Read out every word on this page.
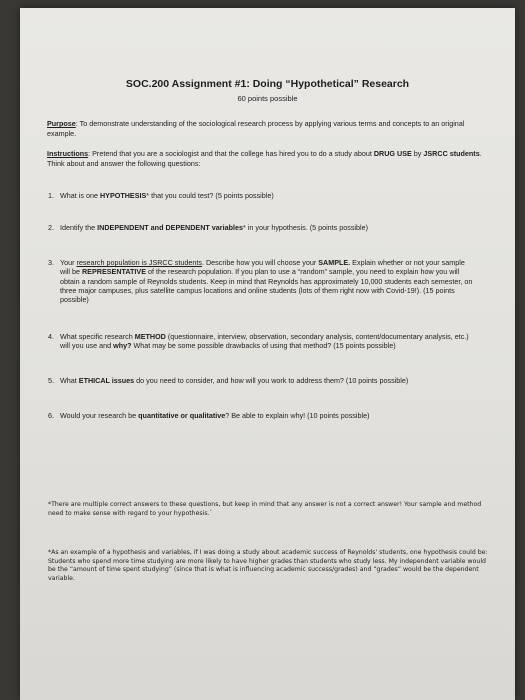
SOC.200 Assignment #1: Doing “Hypothetical” Research
60 points possible
Purpose: To demonstrate understanding of the sociological research process by applying various terms and concepts to an original example.
Instructions: Pretend that you are a sociologist and that the college has hired you to do a study about DRUG USE by JSRCC students. Think about and answer the following questions:
1. What is one HYPOTHESIS* that you could test? (5 points possible)
2. Identify the INDEPENDENT and DEPENDENT variables* in your hypothesis. (5 points possible)
3. Your research population is JSRCC students. Describe how you will choose your SAMPLE. Explain whether or not your sample will be REPRESENTATIVE of the research population. If you plan to use a “random” sample, you need to explain how you will obtain a random sample of Reynolds students. Keep in mind that Reynolds has approximately 10,000 students each semester, on three major campuses, plus satellite campus locations and online students (lots of them right now with Covid-19!). (15 points possible)
4. What specific research METHOD (questionnaire, interview, observation, secondary analysis, content/documentary analysis, etc.) will you use and why? What may be some possible drawbacks of using that method? (15 points possible)
5. What ETHICAL issues do you need to consider, and how will you work to address them? (10 points possible)
6. Would your research be quantitative or qualitative? Be able to explain why! (10 points possible)
*There are multiple correct answers to these questions, but keep in mind that any answer is not a correct answer! Your sample and method need to make sense with regard to your hypothesis.`
*As an example of a hypothesis and variables, if I was doing a study about academic success of Reynolds' students, one hypothesis could be: Students who spend more time studying are more likely to have higher grades than students who study less. My independent variable would be the “amount of time spent studying” (since that is what is influencing academic success/grades) and “grades” would be the dependent variable.
